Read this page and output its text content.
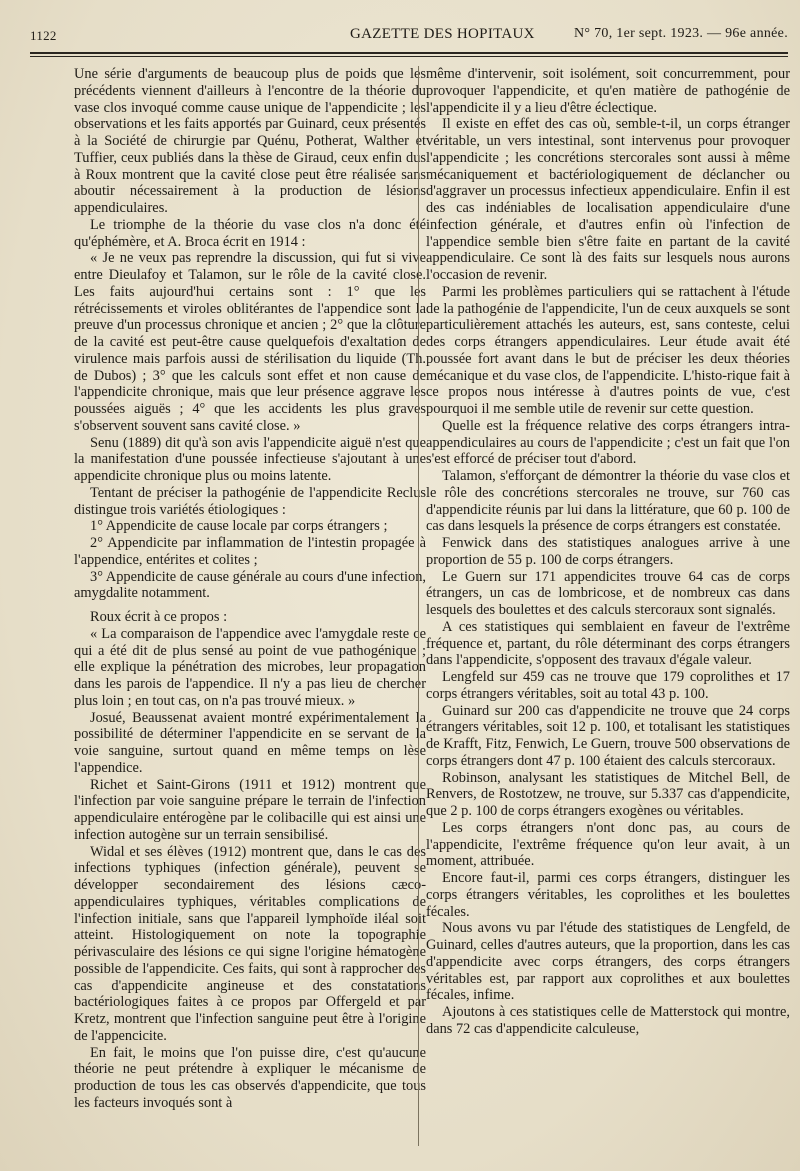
1122	GAZETTE DES HOPITAUX	N° 70, 1er sept. 1923. — 96e année.

Une série d'arguments de beaucoup plus de poids que les précédents viennent d'ailleurs à l'encontre de la théorie du vase clos invoqué comme cause unique de l'appendicite ; les observations et les faits apportés par Guinard, ceux présentés à la Société de chirurgie par Quénu, Potherat, Walther et Tuffier, ceux publiés dans la thèse de Giraud, ceux enfin dus à Roux montrent que la cavité close peut être réalisée sans aboutir nécessairement à la production de lésions appendiculaires.

Le triomphe de la théorie du vase clos n'a donc été qu'éphémère, et A. Broca écrit en 1914 :

« Je ne veux pas reprendre la discussion, qui fut si vive entre Dieulafoy et Talamon, sur le rôle de la cavité close. Les faits aujourd'hui certains sont : 1° que les rétrécissements et viroles oblitérantes de l'appendice sont la preuve d'un processus chronique et ancien ; 2° que la clôture de la cavité est peut-être cause quelquefois d'exaltation de virulence mais parfois aussi de stérilisation du liquide (Th. de Dubos) ; 3° que les calculs sont effet et non cause de l'appendicite chronique, mais que leur présence aggrave les poussées aiguës ; 4° que les accidents les plus graves s'observent souvent sans cavité close. »

Senu (1889) dit qu'à son avis l'appendicite aiguë n'est que la manifestation d'une poussée infectieuse s'ajoutant à une appendicite chronique plus ou moins latente.

Tentant de préciser la pathogénie de l'appendicite Reclus distingue trois variétés étiologiques :

1° Appendicite de cause locale par corps étrangers ;

2° Appendicite par inflammation de l'intestin propagée à l'appendice, entérites et colites ;

3° Appendicite de cause générale au cours d'une infection, amygdalite notamment.

Roux écrit à ce propos :

« La comparaison de l'appendice avec l'amygdale reste ce qui a été dit de plus sensé au point de vue pathogénique ; elle explique la pénétration des microbes, leur propagation dans les parois de l'appendice. Il n'y a pas lieu de chercher plus loin ; en tout cas, on n'a pas trouvé mieux. »

Josué, Beaussenat avaient montré expérimentalement la possibilité de déterminer l'appendicite en se servant de la voie sanguine, surtout quand en même temps on lèse l'appendice.

Richet et Saint-Girons (1911 et 1912) montrent que l'infection par voie sanguine prépare le terrain de l'infection appendiculaire entérogène par le colibacille qui est ainsi une infection autogène sur un terrain sensibilisé.

Widal et ses élèves (1912) montrent que, dans le cas des infections typhiques (infection générale), peuvent se développer secondairement des lésions cæco-appendiculaires typhiques, véritables complications de l'infection initiale, sans que l'appareil lymphoïde iléal soit atteint. Histologiquement on note la topographie périvasculaire des lésions ce qui signe l'origine hématogène possible de l'appendicite. Ces faits, qui sont à rapprocher des cas d'appendicite angineuse et des constatations bactériologiques faites à ce propos par Offergeld et par Kretz, montrent que l'infection sanguine peut être à l'origine de l'appencicite.

En fait, le moins que l'on puisse dire, c'est qu'aucune théorie ne peut prétendre à expliquer le mécanisme de production de tous les cas observés d'appendicite, que tous les facteurs invoqués sont à

même d'intervenir, soit isolément, soit concurremment, pour provoquer l'appendicite, et qu'en matière de pathogénie de l'appendicite il y a lieu d'être éclectique.

Il existe en effet des cas où, semble-t-il, un corps étranger véritable, un vers intestinal, sont intervenus pour provoquer l'appendicite ; les concrétions stercorales sont aussi à même mécaniquement et bactériologiquement de déclancher ou d'aggraver un processus infectieux appendiculaire. Enfin il est des cas indéniables de localisation appendiculaire d'une infection générale, et d'autres enfin où l'infection de l'appendice semble bien s'être faite en partant de la cavité appendiculaire. Ce sont là des faits sur lesquels nous aurons l'occasion de revenir.

Parmi les problèmes particuliers qui se rattachent à l'étude de la pathogénie de l'appendicite, l'un de ceux auxquels se sont particulièrement attachés les auteurs, est, sans conteste, celui des corps étrangers appendiculaires. Leur étude avait été poussée fort avant dans le but de préciser les deux théories mécanique et du vase clos, de l'appendicite. L'histo-rique fait à ce propos nous intéresse à d'autres points de vue, c'est pourquoi il me semble utile de revenir sur cette question.

Quelle est la fréquence relative des corps étrangers intra-appendiculaires au cours de l'appendicite ; c'est un fait que l'on s'est efforcé de préciser tout d'abord.

Talamon, s'efforçant de démontrer la théorie du vase clos et le rôle des concrétions stercorales ne trouve, sur 760 cas d'appendicite réunis par lui dans la littérature, que 60 p. 100 de cas dans lesquels la présence de corps étrangers est constatée.

Fenwick dans des statistiques analogues arrive à une proportion de 55 p. 100 de corps étrangers.

Le Guern sur 171 appendicites trouve 64 cas de corps étrangers, un cas de lombricose, et de nombreux cas dans lesquels des boulettes et des calculs stercoraux sont signalés.

A ces statistiques qui semblaient en faveur de l'extrême fréquence et, partant, du rôle déterminant des corps étrangers dans l'appendicite, s'opposent des travaux d'égale valeur.

Lengfeld sur 459 cas ne trouve que 179 coprolithes et 17 corps étrangers véritables, soit au total 43 p. 100.

Guinard sur 200 cas d'appendicite ne trouve que 24 corps étrangers véritables, soit 12 p. 100, et totalisant les statistiques de Krafft, Fitz, Fenwich, Le Guern, trouve 500 observations de corps étrangers dont 47 p. 100 étaient des calculs stercoraux.

Robinson, analysant les statistiques de Mitchel Bell, de Renvers, de Rostotzew, ne trouve, sur 5.337 cas d'appendicite, que 2 p. 100 de corps étrangers exogènes ou véritables.

Les corps étrangers n'ont donc pas, au cours de l'appendicite, l'extrême fréquence qu'on leur avait, à un moment, attribuée.

Encore faut-il, parmi ces corps étrangers, distinguer les corps étrangers véritables, les coprolithes et les boulettes fécales.

Nous avons vu par l'étude des statistiques de Lengfeld, de Guinard, celles d'autres auteurs, que la proportion, dans les cas d'appendicite avec corps étrangers, des corps étrangers véritables est, par rapport aux coprolithes et aux boulettes fécales, infime.

Ajoutons à ces statistiques celle de Matterstock qui montre, dans 72 cas d'appendicite calculeuse,
